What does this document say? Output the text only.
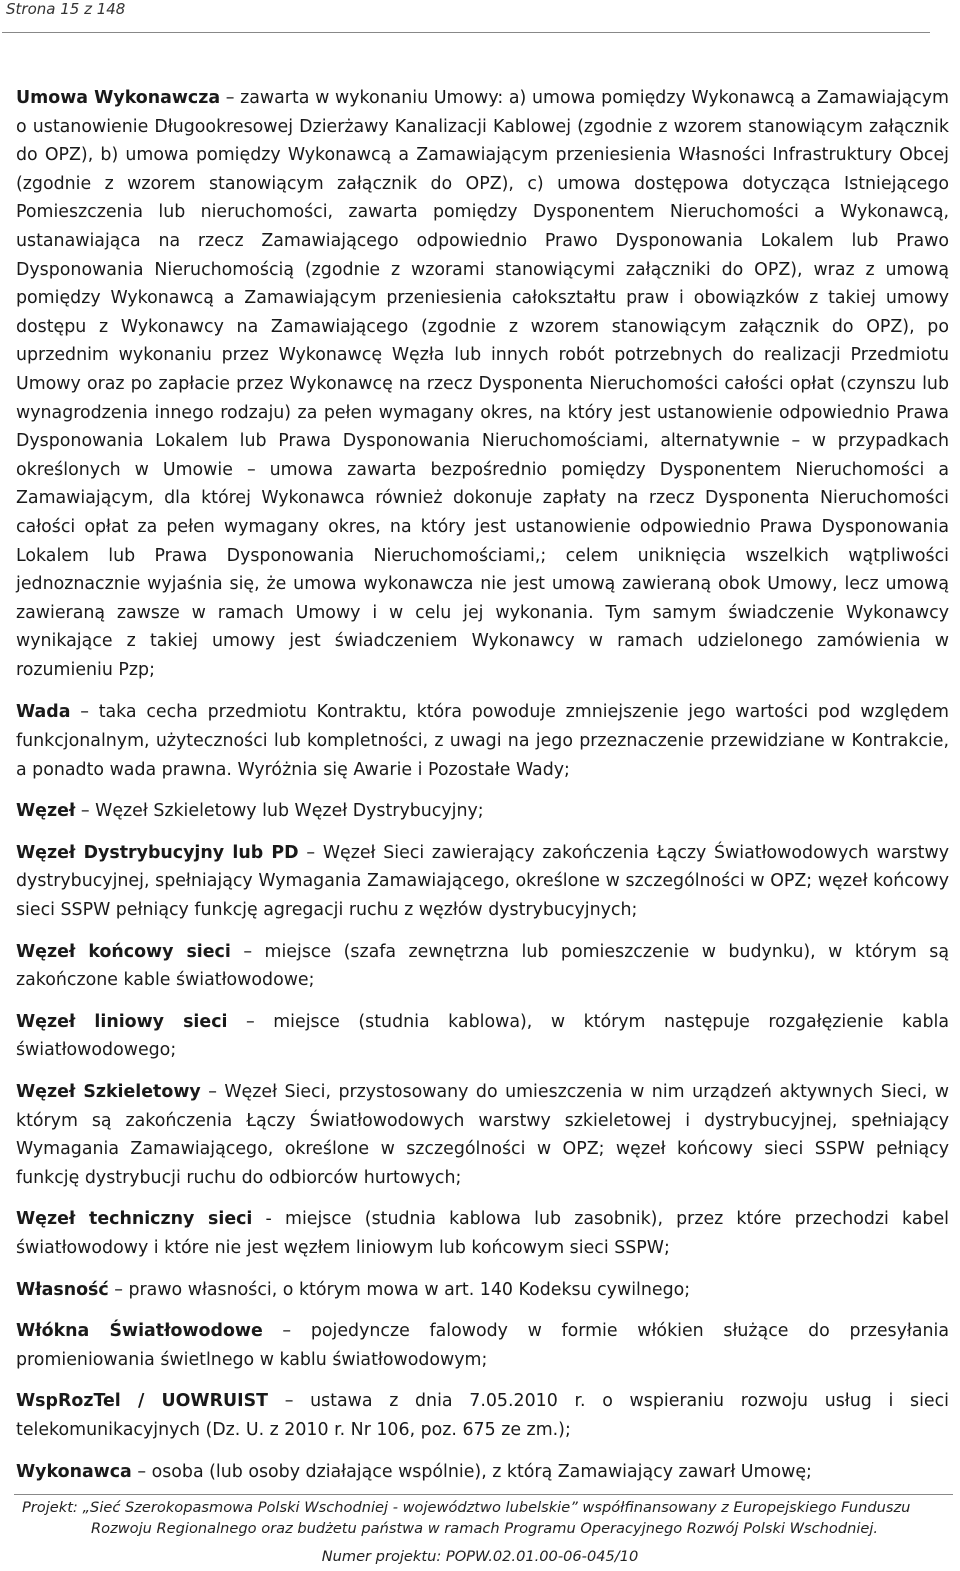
Strona 15 z 148

Umowa Wykonawcza – zawarta w wykonaniu Umowy: a) umowa pomiędzy Wykonawcą a Zamawiającym o ustanowienie Długookresowej Dzierżawy Kanalizacji Kablowej (zgodnie z wzorem stanowiącym załącznik do OPZ), b) umowa pomiędzy Wykonawcą a Zamawiającym przeniesienia Własności Infrastruktury Obcej (zgodnie z wzorem stanowiącym załącznik do OPZ), c) umowa dostępowa dotycząca Istniejącego Pomieszczenia lub nieruchomości, zawarta pomiędzy Dysponentem Nieruchomości a Wykonawcą, ustanawiająca na rzecz Zamawiającego odpowiednio Prawo Dysponowania Lokalem lub Prawo Dysponowania Nieruchomością (zgodnie z wzorami stanowiącymi załączniki do OPZ), wraz z umową pomiędzy Wykonawcą a Zamawiającym przeniesienia całokształtu praw i obowiązków z takiej umowy dostępu z Wykonawcy na Zamawiającego (zgodnie z wzorem stanowiącym załącznik do OPZ), po uprzednim wykonaniu przez Wykonawcę Węzła lub innych robót potrzebnych do realizacji Przedmiotu Umowy oraz po zapłacie przez Wykonawcę na rzecz Dysponenta Nieruchomości całości opłat (czynszu lub wynagrodzenia innego rodzaju) za pełen wymagany okres, na który jest ustanowienie odpowiednio Prawa Dysponowania Lokalem lub Prawa Dysponowania Nieruchomościami, alternatywnie – w przypadkach określonych w Umowie – umowa zawarta bezpośrednio pomiędzy Dysponentem Nieruchomości a Zamawiającym, dla której Wykonawca również dokonuje zapłaty na rzecz Dysponenta Nieruchomości całości opłat za pełen wymagany okres, na który jest ustanowienie odpowiednio Prawa Dysponowania Lokalem lub Prawa Dysponowania Nieruchomościami,; celem uniknięcia wszelkich wątpliwości jednoznacznie wyjaśnia się, że umowa wykonawcza nie jest umową zawieraną obok Umowy, lecz umową zawieraną zawsze w ramach Umowy i w celu jej wykonania. Tym samym świadczenie Wykonawcy wynikające z takiej umowy jest świadczeniem Wykonawcy w ramach udzielonego zamówienia w rozumieniu Pzp;

Wada – taka cecha przedmiotu Kontraktu, która powoduje zmniejszenie jego wartości pod względem funkcjonalnym, użyteczności lub kompletności, z uwagi na jego przeznaczenie przewidziane w Kontrakcie, a ponadto wada prawna. Wyróżnia się Awarie i Pozostałe Wady;

Węzeł – Węzeł Szkieletowy lub Węzeł Dystrybucyjny;

Węzeł Dystrybucyjny lub PD – Węzeł Sieci zawierający zakończenia Łączy Światłowodowych warstwy dystrybucyjnej, spełniający Wymagania Zamawiającego, określone w szczególności w OPZ; węzeł końcowy sieci SSPW pełniący funkcję agregacji ruchu z węzłów dystrybucyjnych;

Węzeł końcowy sieci – miejsce (szafa zewnętrzna lub pomieszczenie w budynku), w którym są zakończone kable światłowodowe;

Węzeł liniowy sieci – miejsce (studnia kablowa), w którym następuje rozgałęzienie kabla światłowodowego;

Węzeł Szkieletowy – Węzeł Sieci, przystosowany do umieszczenia w nim urządzeń aktywnych Sieci, w którym są zakończenia Łączy Światłowodowych warstwy szkieletowej i dystrybucyjnej, spełniający Wymagania Zamawiającego, określone w szczególności w OPZ; węzeł końcowy sieci SSPW pełniący funkcję dystrybucji ruchu do odbiorców hurtowych;

Węzeł techniczny sieci - miejsce (studnia kablowa lub zasobnik), przez które przechodzi kabel światłowodowy i które nie jest węzłem liniowym lub końcowym sieci SSPW;

Własność – prawo własności, o którym mowa w art. 140 Kodeksu cywilnego;

Włókna Światłowodowe – pojedyncze falowody w formie włókien służące do przesyłania promieniowania świetlnego w kablu światłowodowym;

WspRozTel / UOWRUIST – ustawa z dnia 7.05.2010 r. o wspieraniu rozwoju usług i sieci telekomunikacyjnych (Dz. U. z 2010 r. Nr 106, poz. 675 ze zm.);

Wykonawca – osoba (lub osoby działające wspólnie), z którą Zamawiający zawarł Umowę;

Projekt: „Sieć Szerokopasmowa Polski Wschodniej - województwo lubelskie” współfinansowany z Europejskiego Funduszu
Rozwoju Regionalnego oraz budżetu państwa w ramach Programu Operacyjnego Rozwój Polski Wschodniej.
Numer projektu: POPW.02.01.00-06-045/10
